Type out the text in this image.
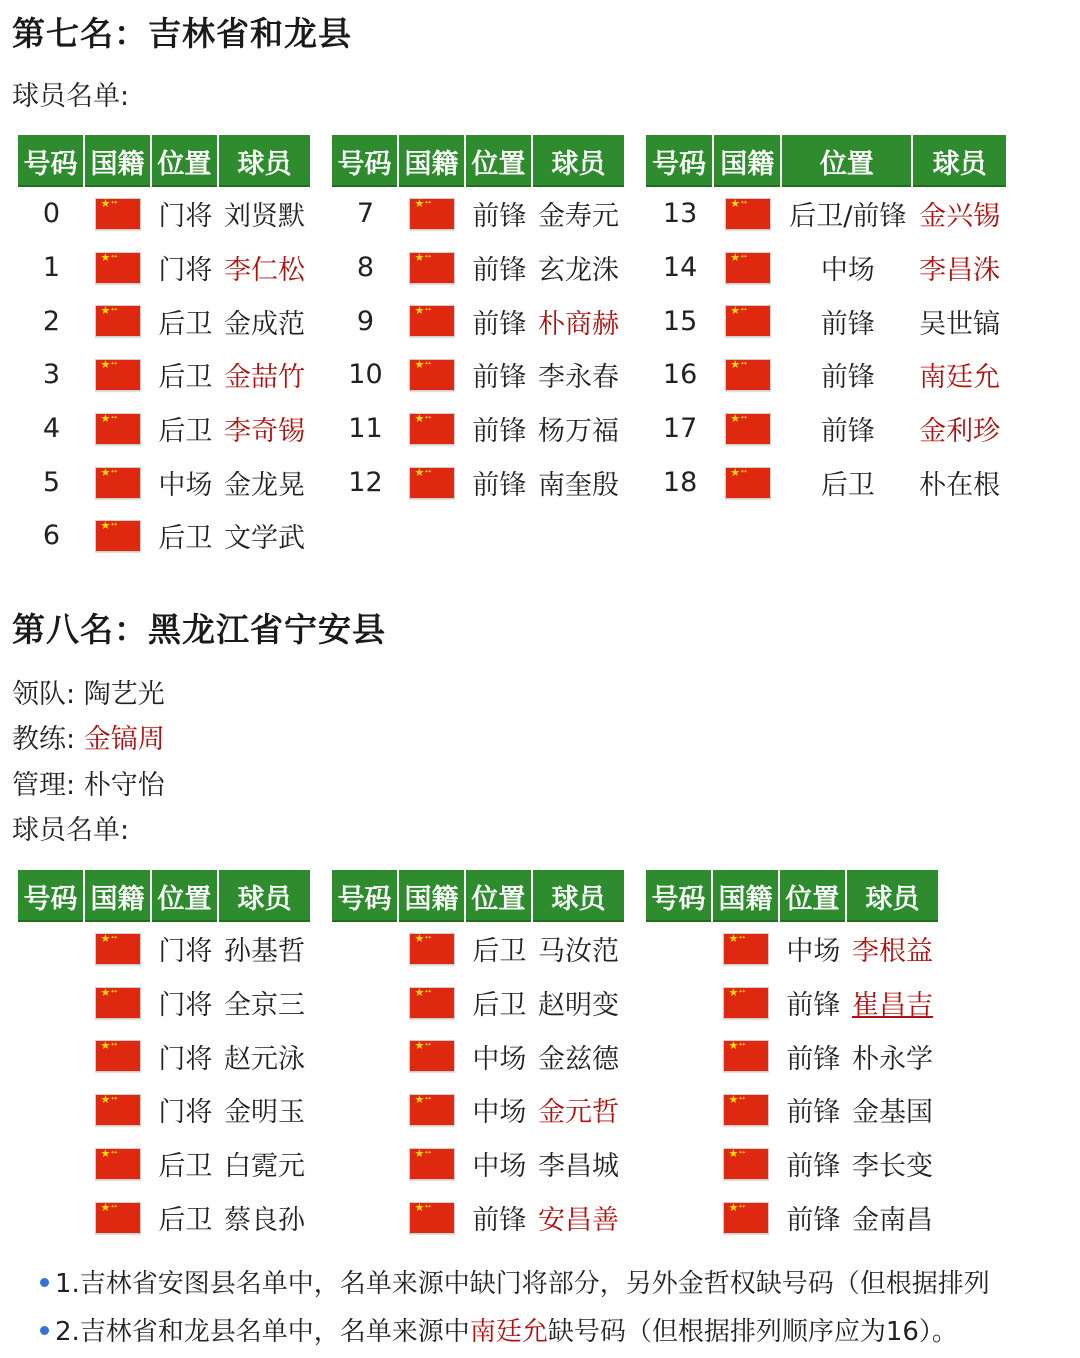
第七名：吉林省和龙县
球员名单:
号码	国籍	位置	球员
0	★ ✦✦	门将	刘贤默
1	★ ✦✦	门将	李仁松
2	★ ✦✦	后卫	金成范
3	★ ✦✦	后卫	金喆竹
4	★ ✦✦	后卫	李奇锡
5	★ ✦✦	中场	金龙晃
6	★ ✦✦	后卫	文学武
号码	国籍	位置	球员
7	★ ✦✦	前锋	金寿元
8	★ ✦✦	前锋	玄龙洙
9	★ ✦✦	前锋	朴商赫
10	★ ✦✦	前锋	李永春
11	★ ✦✦	前锋	杨万福
12	★ ✦✦	前锋	南奎殷
号码	国籍	位置	球员
13	★ ✦✦	后卫/前锋	金兴锡
14	★ ✦✦	中场	李昌洙
15	★ ✦✦	前锋	吴世镐
16	★ ✦✦	前锋	南廷允
17	★ ✦✦	前锋	金利珍
18	★ ✦✦	后卫	朴在根
第八名：黑龙江省宁安县
领队: 陶艺光
教练: 金镐周
管理: 朴守怡
球员名单:
号码	国籍	位置	球员
	★ ✦✦	门将	孙基哲
	★ ✦✦	门将	全京三
	★ ✦✦	门将	赵元泳
	★ ✦✦	门将	金明玉
	★ ✦✦	后卫	白霓元
	★ ✦✦	后卫	蔡良孙
号码	国籍	位置	球员
	★ ✦✦	后卫	马汝范
	★ ✦✦	后卫	赵明变
	★ ✦✦	中场	金兹德
	★ ✦✦	中场	金元哲
	★ ✦✦	中场	李昌城
	★ ✦✦	前锋	安昌善
号码	国籍	位置	球员
	★ ✦✦	中场	李根益
	★ ✦✦	前锋	崔昌吉
	★ ✦✦	前锋	朴永学
	★ ✦✦	前锋	金基国
	★ ✦✦	前锋	李长变
	★ ✦✦	前锋	金南昌
1.吉林省安图县名单中，名单来源中缺门将部分，另外金哲权缺号码（但根据排列
2.吉林省和龙县名单中，名单来源中南廷允缺号码（但根据排列顺序应为16）。
